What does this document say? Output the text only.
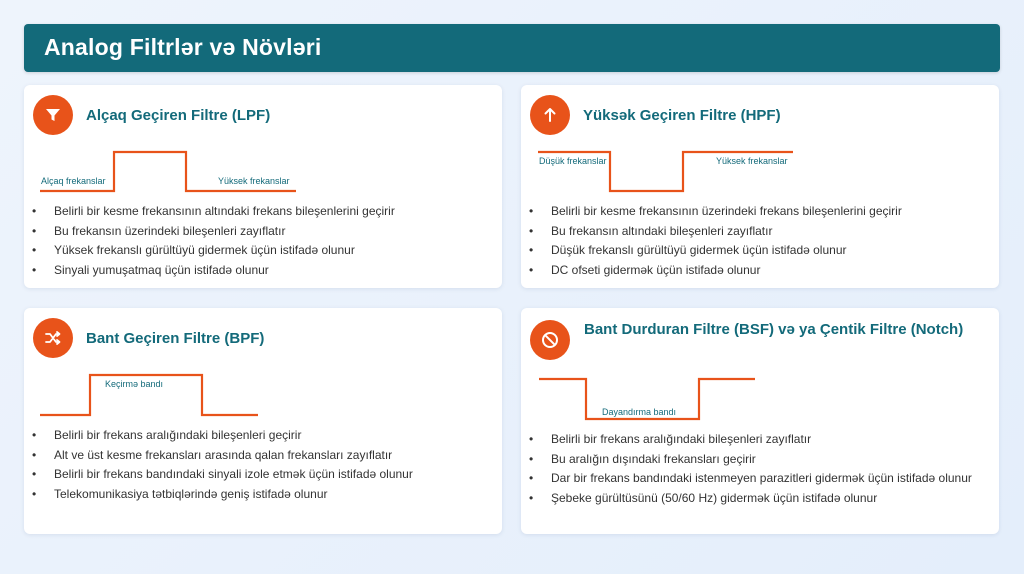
Analog Filtrlər və Növləri
Alçaq Geçiren Filtre (LPF)
Alçaq frekanslar	Yüksek frekanslar
• Belirli bir kesme frekansının altındaki frekans bileşenlerini geçirir
• Bu frekansın üzerindeki bileşenleri zayıflatır
• Yüksek frekanslı gürültüyü gidermek üçün istifadə olunur
• Sinyali yumuşatmaq üçün istifadə olunur
Yüksək Geçiren Filtre (HPF)
Düşük frekanslar	Yüksek frekanslar
• Belirli bir kesme frekansının üzerindeki frekans bileşenlerini geçirir
• Bu frekansın altındaki bileşenleri zayıflatır
• Düşük frekanslı gürültüyü gidermek üçün istifadə olunur
• DC ofseti gidermək üçün istifadə olunur
Bant Geçiren Filtre (BPF)
Keçirmə bandı
• Belirli bir frekans aralığındaki bileşenleri geçirir
• Alt ve üst kesme frekansları arasında qalan frekansları zayıflatır
• Belirli bir frekans bandındaki sinyali izole etmək üçün istifadə olunur
• Telekomunikasiya tətbiqlərində geniş istifadə olunur
Bant Durduran Filtre (BSF) və ya Çentik Filtre (Notch)
Dayandırma bandı
• Belirli bir frekans aralığındaki bileşenleri zayıflatır
• Bu aralığın dışındaki frekansları geçirir
• Dar bir frekans bandındaki istenmeyen parazitleri gidermək üçün istifadə olunur
• Şebeke gürültüsünü (50/60 Hz) gidermək üçün istifadə olunur
